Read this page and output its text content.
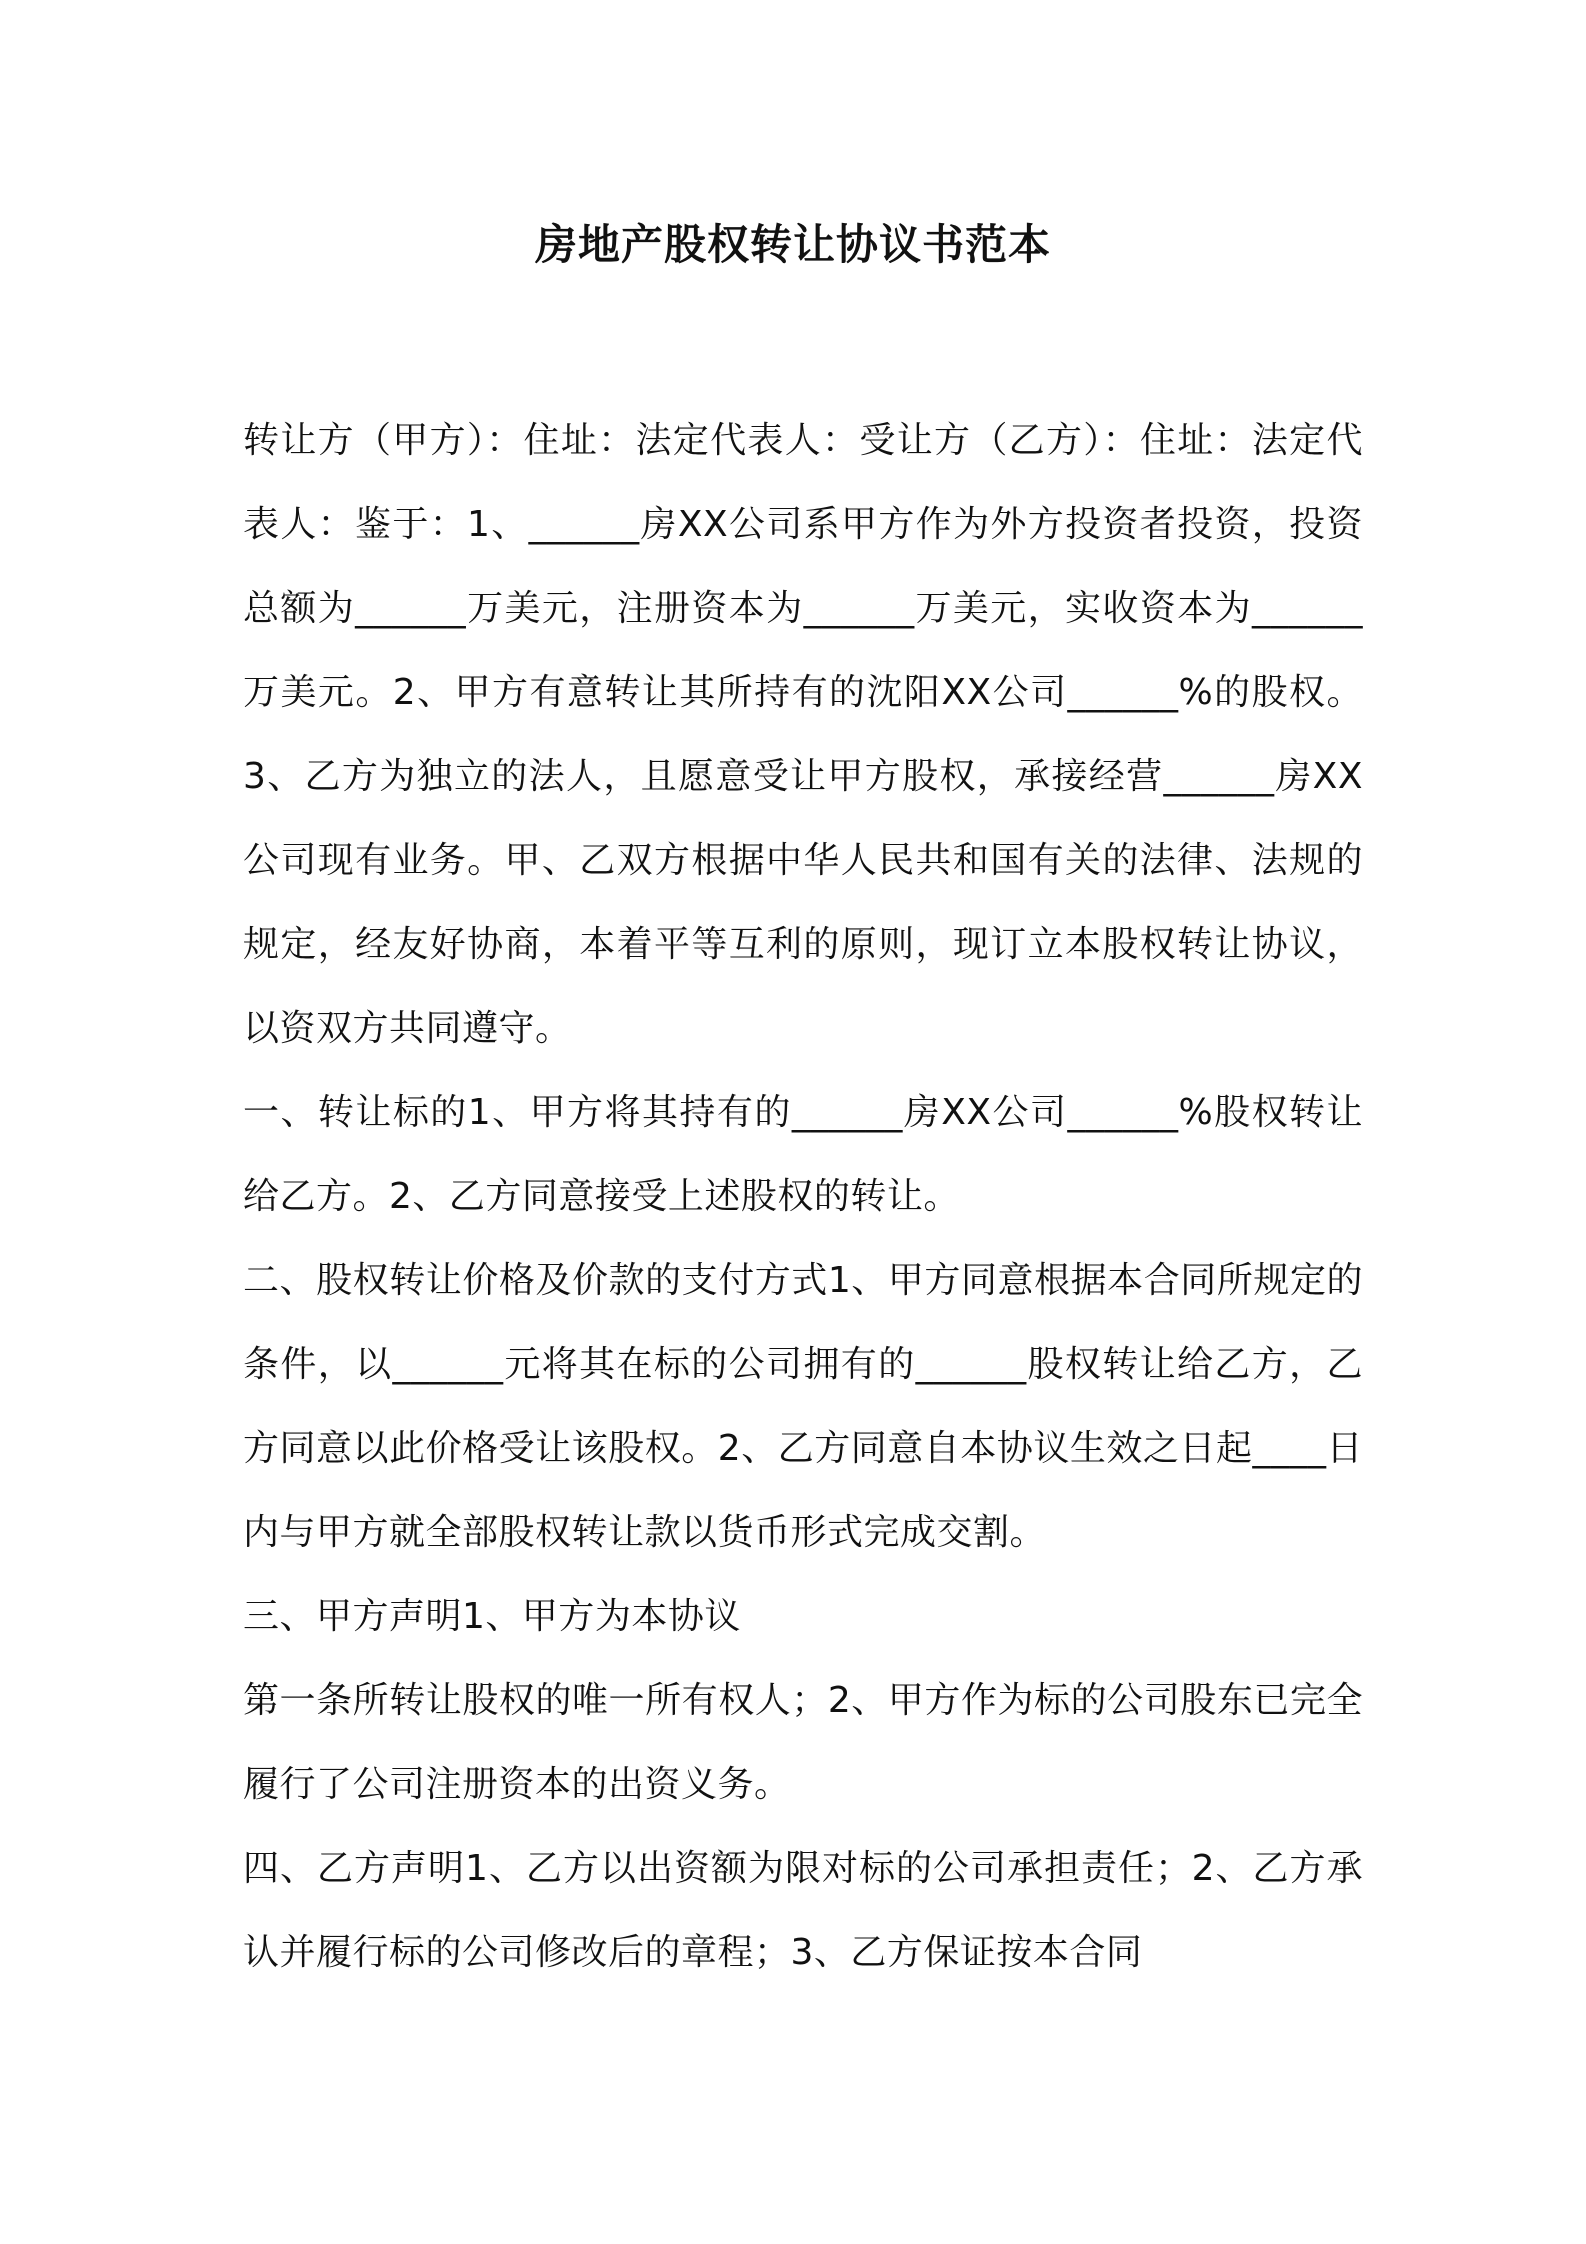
房地产股权转让协议书范本

转让方（甲方）：住址：法定代表人：受让方（乙方）：住址：法定代表人：鉴于：1、______房XX公司系甲方作为外方投资者投资，投资总额为______万美元，注册资本为______万美元，实收资本为______万美元。2、甲方有意转让其所持有的沈阳XX公司______%的股权。3、乙方为独立的法人，且愿意受让甲方股权，承接经营______房XX公司现有业务。甲、乙双方根据中华人民共和国有关的法律、法规的规定，经友好协商，本着平等互利的原则，现订立本股权转让协议，以资双方共同遵守。

一、转让标的1、甲方将其持有的______房XX公司______%股权转让给乙方。2、乙方同意接受上述股权的转让。

二、股权转让价格及价款的支付方式1、甲方同意根据本合同所规定的条件，以______元将其在标的公司拥有的______股权转让给乙方，乙方同意以此价格受让该股权。2、乙方同意自本协议生效之日起____日内与甲方就全部股权转让款以货币形式完成交割。

三、甲方声明1、甲方为本协议

第一条所转让股权的唯一所有权人；2、甲方作为标的公司股东已完全履行了公司注册资本的出资义务。

四、乙方声明1、乙方以出资额为限对标的公司承担责任；2、乙方承认并履行标的公司修改后的章程；3、乙方保证按本合同
